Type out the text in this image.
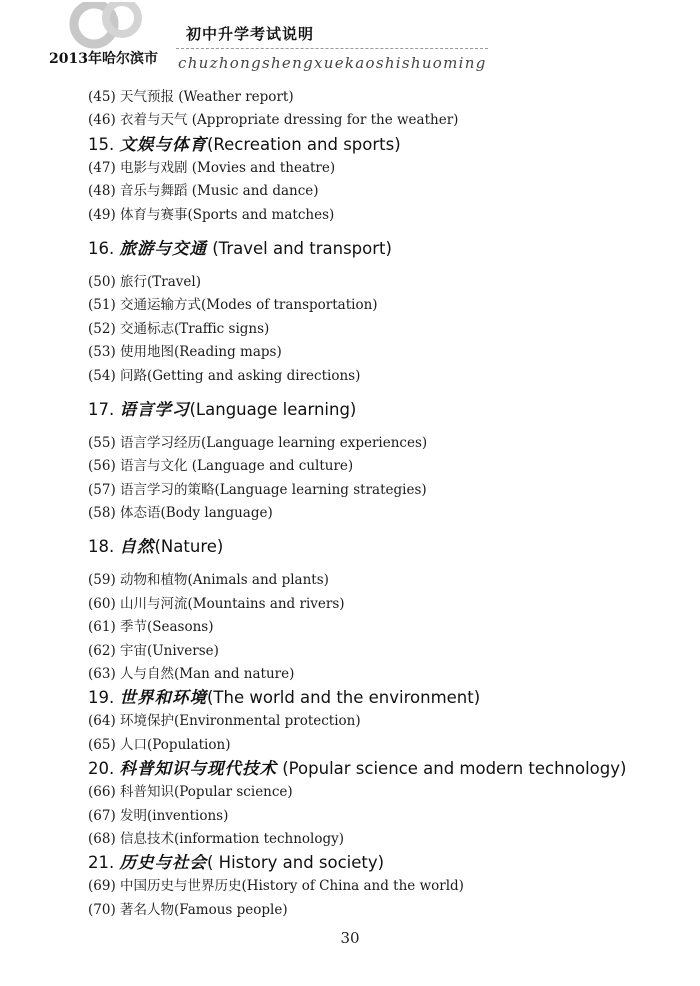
初中升学考试说明
2013年哈尔滨市 chuzhongshengxuekaoshishuoming
(45) 天气预报 (Weather report)
(46) 衣着与天气 (Appropriate dressing for the weather)
15. 文娱与体育(Recreation and sports)
(47) 电影与戏剧 (Movies and theatre)
(48) 音乐与舞蹈 (Music and dance)
(49) 体育与赛事(Sports and matches)
16. 旅游与交通 (Travel and transport)
(50) 旅行(Travel)
(51) 交通运输方式(Modes of transportation)
(52) 交通标志(Traffic signs)
(53) 使用地图(Reading maps)
(54) 问路(Getting and asking directions)
17. 语言学习(Language learning)
(55) 语言学习经历(Language learning experiences)
(56) 语言与文化 (Language and culture)
(57) 语言学习的策略(Language learning strategies)
(58) 体态语(Body language)
18. 自然(Nature)
(59) 动物和植物(Animals and plants)
(60) 山川与河流(Mountains and rivers)
(61) 季节(Seasons)
(62) 宇宙(Universe)
(63) 人与自然(Man and nature)
19. 世界和环境(The world and the environment)
(64) 环境保护(Environmental protection)
(65) 人口(Population)
20. 科普知识与现代技术 (Popular science and modern technology)
(66) 科普知识(Popular science)
(67) 发明(inventions)
(68) 信息技术(information technology)
21. 历史与社会( History and society)
(69) 中国历史与世界历史(History of China and the world)
(70) 著名人物(Famous people)
30
